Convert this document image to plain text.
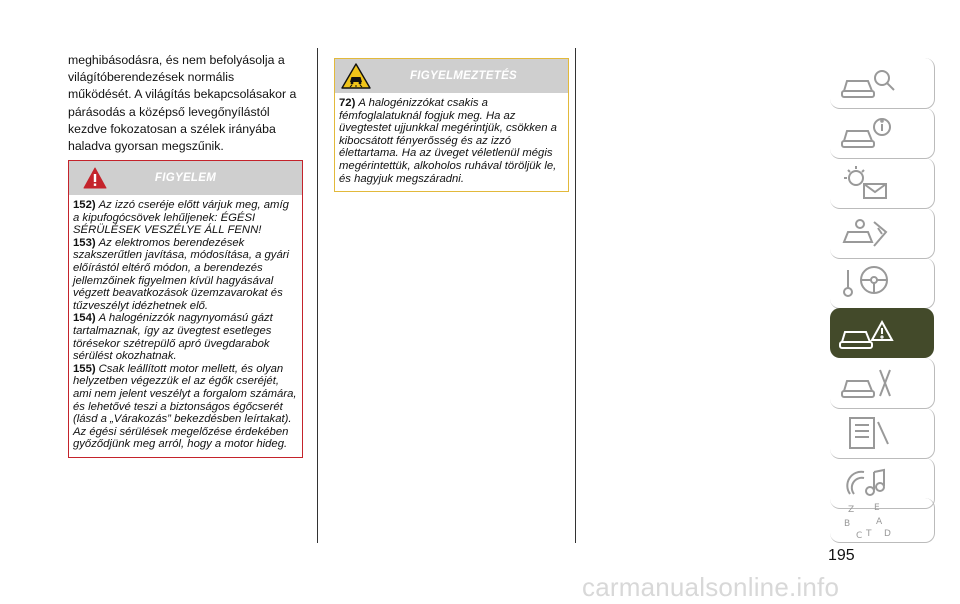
meghibásodásra, és nem befolyásolja a világítóberendezések normális működését. A világítás bekapcsolásakor a párásodás a középső levegőnyílástól kezdve fokozatosan a szélek irányába haladva gyorsan megszűnik.
FIGYELEM

152) Az izzó cseréje előtt várjuk meg, amíg a kipufogócsövek lehűljenek: ÉGÉSI SÉRÜLÉSEK VESZÉLYE ÁLL FENN!

153) Az elektromos berendezések szakszerűtlen javítása, módosítása, a gyári előírástól eltérő módon, a berendezés jellemzőinek figyelmen kívül hagyásával végzett beavatkozások üzemzavarokat és tűzveszélyt idézhetnek elő.

154) A halogénizzók nagynyomású gázt tartalmaznak, így az üvegtest esetleges törésekor szétrepülő apró üvegdarabok sérülést okozhatnak.

155) Csak leállított motor mellett, és olyan helyzetben végezzük el az égők cseréjét, ami nem jelent veszélyt a forgalom számára, és lehetővé teszi a biztonságos égőcserét (lásd a „Várakozás” bekezdésben leírtakat). Az égési sérülések megelőzése érdekében győződjünk meg arról, hogy a motor hideg.

FIGYELMEZTETÉS

72) A halogénizzókat csakis a fémfoglalatuknál fogjuk meg. Ha az üvegtestet ujjunkkal megérintjük, csökken a kibocsátott fényerősség és az izzó élettartama. Ha az üveget véletlenül mégis megérintettük, alkoholos ruhával töröljük le, és hagyjuk megszáradni.

Z E
B	A
C T D
195
carmanualsonline.info
